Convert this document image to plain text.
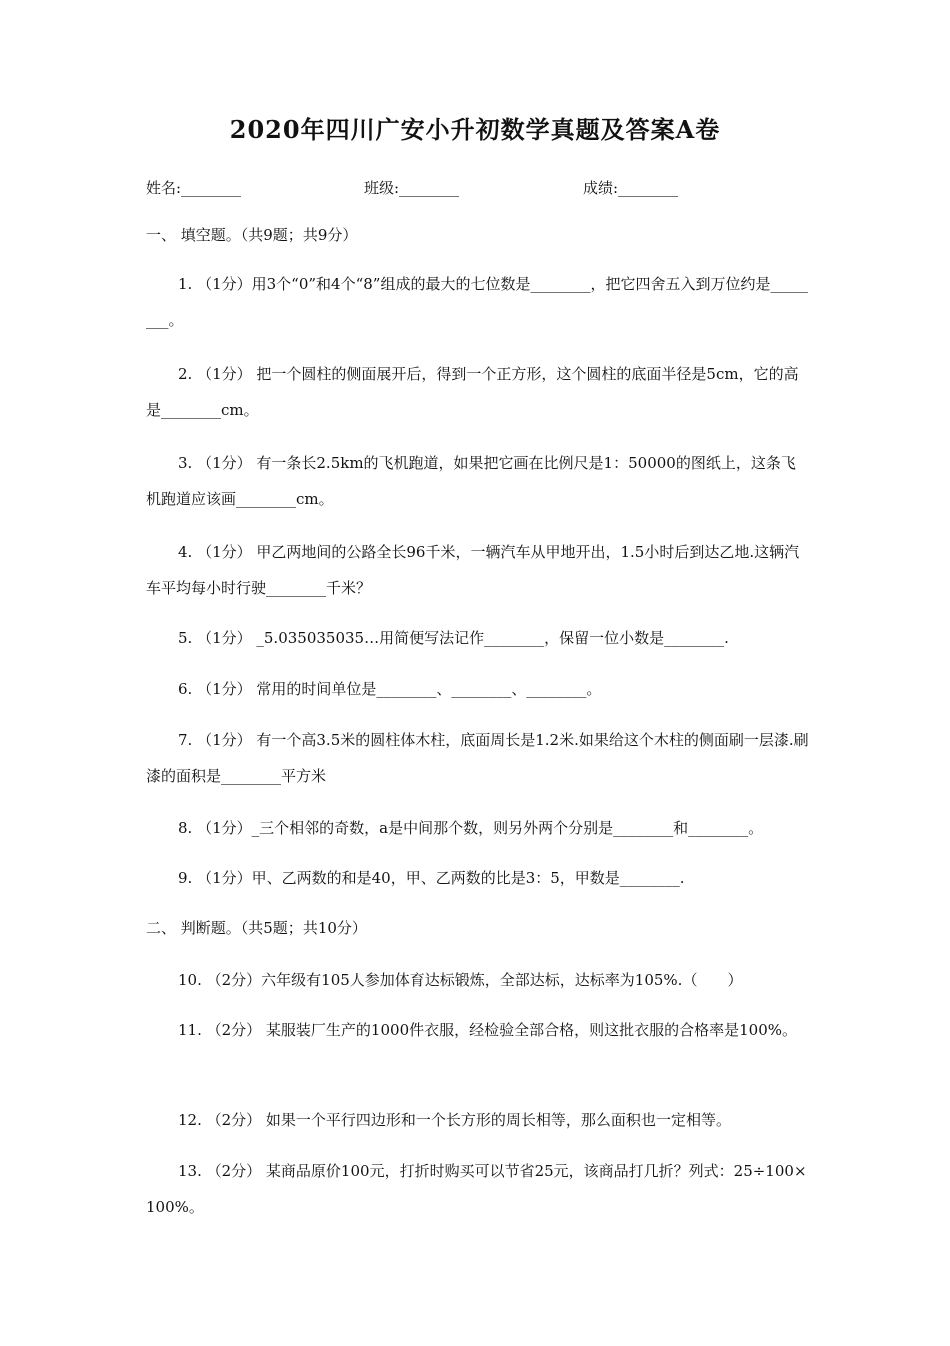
2020年四川广安小升初数学真题及答案A卷
姓名:________	班级:________	成绩:________
一、 填空题。（共9题；共9分）
1. （1分）用3个“0”和4个“8”组成的最大的七位数是________，把它四舍五入到万位约是________。
2. （1分） 把一个圆柱的侧面展开后，得到一个正方形，这个圆柱的底面半径是5cm，它的高是________cm。
3. （1分） 有一条长2.5km的飞机跑道，如果把它画在比例尺是1：50000的图纸上，这条飞机跑道应该画________cm。
4. （1分） 甲乙两地间的公路全长96千米，一辆汽车从甲地开出，1.5小时后到达乙地.这辆汽车平均每小时行驶________千米？
5. （1分） _5.035035035…用简便写法记作________，保留一位小数是________.
6. （1分） 常用的时间单位是________、________、________。
7. （1分） 有一个高3.5米的圆柱体木柱，底面周长是1.2米.如果给这个木柱的侧面刷一层漆.刷漆的面积是________平方米
8. （1分）_三个相邻的奇数，a是中间那个数，则另外两个分别是________和________。
9. （1分）甲、乙两数的和是40，甲、乙两数的比是3：5，甲数是________.
二、 判断题。（共5题；共10分）
10. （2分）六年级有105人参加体育达标锻炼，全部达标，达标率为105%.（　　）
11. （2分） 某服装厂生产的1000件衣服，经检验全部合格，则这批衣服的合格率是100%。
12. （2分） 如果一个平行四边形和一个长方形的周长相等，那么面积也一定相等。
13. （2分） 某商品原价100元，打折时购买可以节省25元，该商品打几折？列式：25÷100×100%。
